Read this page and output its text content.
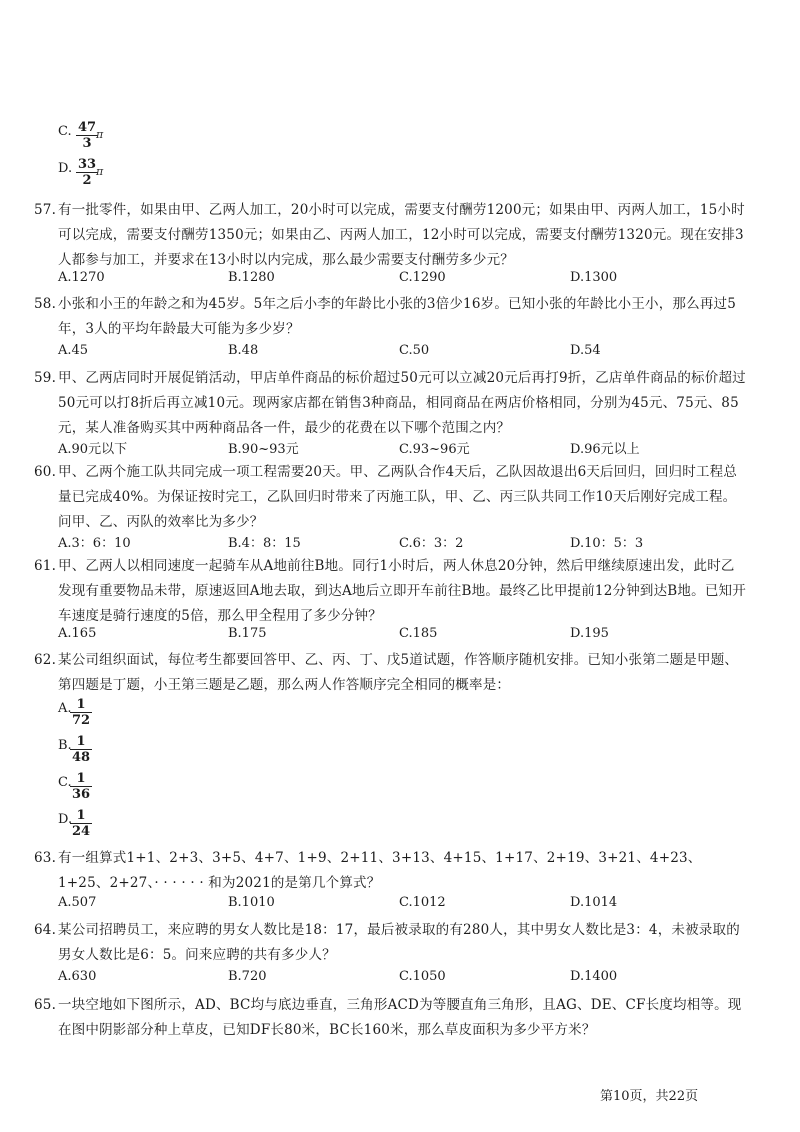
C. $\frac{47}{3}$
π
D. $\frac{33}{2}$
π
57. 有一批零件，如果由甲、乙两人加工，20小时可以完成，需要支付酬劳1200元；如果由甲、丙两人加工，15小时可以完成，需要支付酬劳1350元；如果由乙、丙两人加工，12小时可以完成，需要支付酬劳1320元。现在安排3人都参与加工，并要求在13小时以内完成，那么最少需要支付酬劳多少元？
A.1270	B.1280	C.1290	D.1300
58. 小张和小王的年龄之和为45岁。5年之后小李的年龄比小张的3倍少16岁。已知小张的年龄比小王小，那么再过5年，3人的平均年龄最大可能为多少岁？
A.45	B.48	C.50	D.54
59. 甲、乙两店同时开展促销活动，甲店单件商品的标价超过50元可以立减20元后再打9折，乙店单件商品的标价超过50元可以打8折后再立减10元。现两家店都在销售3种商品，相同商品在两店价格相同，分别为45元、75元、85元，某人准备购买其中两种商品各一件，最少的花费在以下哪个范围之内？
A.90元以下	B.90~93元	C.93~96元	D.96元以上
60. 甲、乙两个施工队共同完成一项工程需要20天。甲、乙两队合作4天后，乙队因故退出6天后回归，回归时工程总量已完成40%。为保证按时完工，乙队回归时带来了丙施工队，甲、乙、丙三队共同工作10天后刚好完成工程。问甲、乙、丙队的效率比为多少？
A.3：6：10	B.4：8：15	C.6：3：2	D.10：5：3
61. 甲、乙两人以相同速度一起骑车从A地前往B地。同行1小时后，两人休息20分钟，然后甲继续原速出发，此时乙发现有重要物品未带，原速返回A地去取，到达A地后立即开车前往B地。最终乙比甲提前12分钟到达B地。已知开车速度是骑行速度的5倍，那么甲全程用了多少分钟？
A.165	B.175	C.185	D.195
62. 某公司组织面试，每位考生都要回答甲、乙、丙、丁、戊5道试题，作答顺序随机安排。已知小张第二题是甲题、第四题是丁题，小王第三题是乙题，那么两人作答顺序完全相同的概率是：
A.
$\frac{1}{72}$
B.
$\frac{1}{48}$
C.
$\frac{1}{36}$
D.
$\frac{1}{24}$
63. 有一组算式1+1、2+3、3+5、4+7、1+9、2+11、3+13、4+15、1+17、2+19、3+21、4+23、1+25、2+27、· · · · · · 和为2021的是第几个算式？
A.507	B.1010	C.1012	D.1014
64. 某公司招聘员工，来应聘的男女人数比是18：17，最后被录取的有280人，其中男女人数比是3：4，未被录取的男女人数比是6：5。问来应聘的共有多少人？
A.630	B.720	C.1050	D.1400
65. 一块空地如下图所示，AD、BC均与底边垂直，三角形ACD为等腰直角三角形，且AG、DE、CF长度均相等。现在图中阴影部分种上草皮，已知DF长80米，BC长160米，那么草皮面积为多少平方米？
第10页，共22页
